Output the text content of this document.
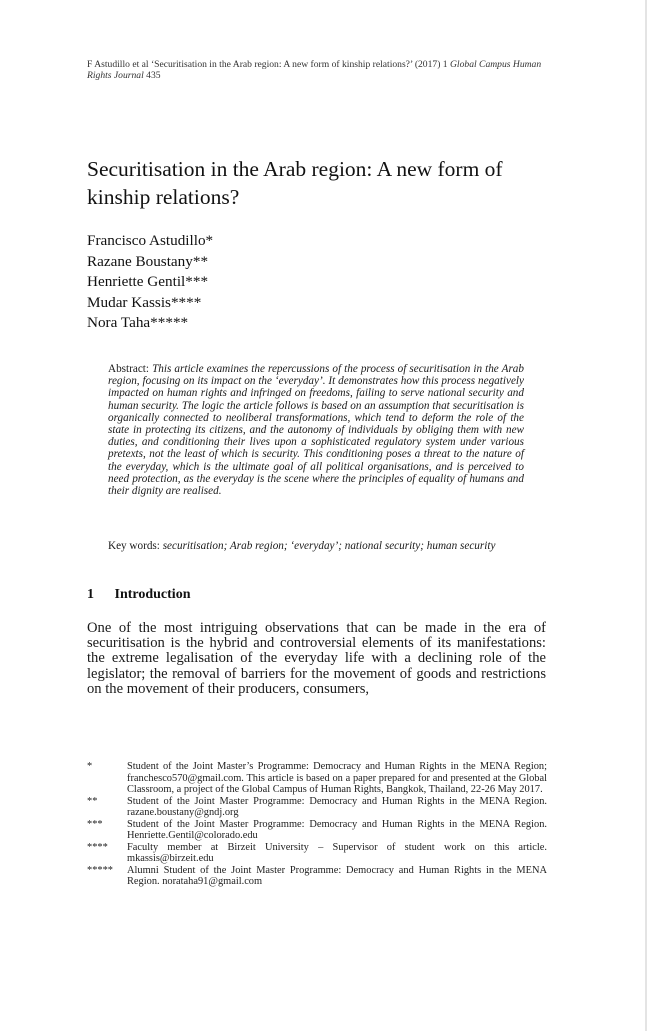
F Astudillo et al ‘Securitisation in the Arab region: A new form of kinship relations?’ (2017) 1 Global Campus Human Rights Journal 435
Securitisation in the Arab region: A new form of kinship relations?
Francisco Astudillo*
Razane Boustany**
Henriette Gentil***
Mudar Kassis****
Nora Taha*****
Abstract: This article examines the repercussions of the process of securitisation in the Arab region, focusing on its impact on the ‘everyday’. It demonstrates how this process negatively impacted on human rights and infringed on freedoms, failing to serve national security and human security. The logic the article follows is based on an assumption that securitisation is organically connected to neoliberal transformations, which tend to deform the role of the state in protecting its citizens, and the autonomy of individuals by obliging them with new duties, and conditioning their lives upon a sophisticated regulatory system under various pretexts, not the least of which is security. This conditioning poses a threat to the nature of the everyday, which is the ultimate goal of all political organisations, and is perceived to need protection, as the everyday is the scene where the principles of equality of humans and their dignity are realised.
Key words: securitisation; Arab region; ‘everyday’; national security; human security
1 Introduction

One of the most intriguing observations that can be made in the era of securitisation is the hybrid and controversial elements of its manifestations: the extreme legalisation of the everyday life with a declining role of the legislator; the removal of barriers for the movement of goods and restrictions on the movement of their producers, consumers,

*	Student of the Joint Master’s Programme: Democracy and Human Rights in the MENA Region; franchesco570@gmail.com. This article is based on a paper prepared for and presented at the Global Classroom, a project of the Global Campus of Human Rights, Bangkok, Thailand, 22-26 May 2017.
**	Student of the Joint Master Programme: Democracy and Human Rights in the MENA Region. razane.boustany@gndj.org
***	Student of the Joint Master Programme: Democracy and Human Rights in the MENA Region. Henriette.Gentil@colorado.edu
****	Faculty member at Birzeit University – Supervisor of student work on this article. mkassis@birzeit.edu
*****	Alumni Student of the Joint Master Programme: Democracy and Human Rights in the MENA Region. norataha91@gmail.com
